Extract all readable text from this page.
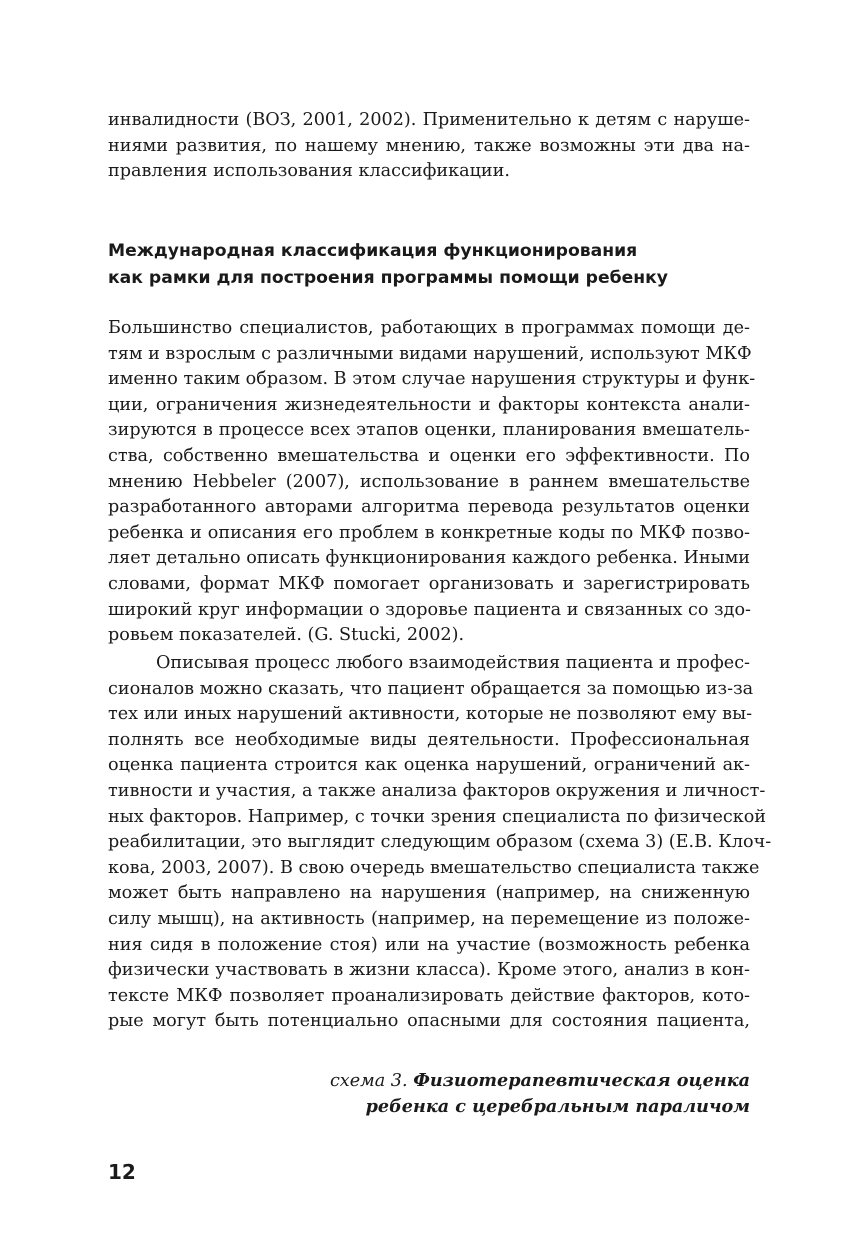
инвалидности (ВОЗ, 2001, 2002). Применительно к детям с наруше-
ниями развития, по нашему мнению, также возможны эти два на-
правления использования классификации.
Международная классификация функционирования
как рамки для построения программы помощи ребенку
Большинство специалистов, работающих в программах помощи де-
тям и взрослым с различными видами нарушений, используют МКФ
именно таким образом. В этом случае нарушения структуры и функ-
ции, ограничения жизнедеятельности и факторы контекста анали-
зируются в процессе всех этапов оценки, планирования вмешатель-
ства, собственно вмешательства и оценки его эффективности. По
мнению Hebbeler (2007), использование в раннем вмешательстве
разработанного авторами алгоритма перевода результатов оценки
ребенка и описания его проблем в конкретные коды по МКФ позво-
ляет детально описать функционирования каждого ребенка. Иными
словами, формат МКФ помогает организовать и зарегистрировать
широкий круг информации о здоровье пациента и связанных со здо-
ровьем показателей. (G. Stucki, 2002).
Описывая процесс любого взаимодействия пациента и профес-
сионалов можно сказать, что пациент обращается за помощью из-за
тех или иных нарушений активности, которые не позволяют ему вы-
полнять все необходимые виды деятельности. Профессиональная
оценка пациента строится как оценка нарушений, ограничений ак-
тивности и участия, а также анализа факторов окружения и личност-
ных факторов. Например, с точки зрения специалиста по физической
реабилитации, это выглядит следующим образом (схема 3) (Е.В. Клоч-
кова, 2003, 2007). В свою очередь вмешательство специалиста также
может быть направлено на нарушения (например, на сниженную
силу мышц), на активность (например, на перемещение из положе-
ния сидя в положение стоя) или на участие (возможность ребенка
физически участвовать в жизни класса). Кроме этого, анализ в кон-
тексте МКФ позволяет проанализировать действие факторов, кото-
рые могут быть потенциально опасными для состояния пациента,
схема 3. Физиотерапевтическая оценка
ребенка с церебральным параличом
12
